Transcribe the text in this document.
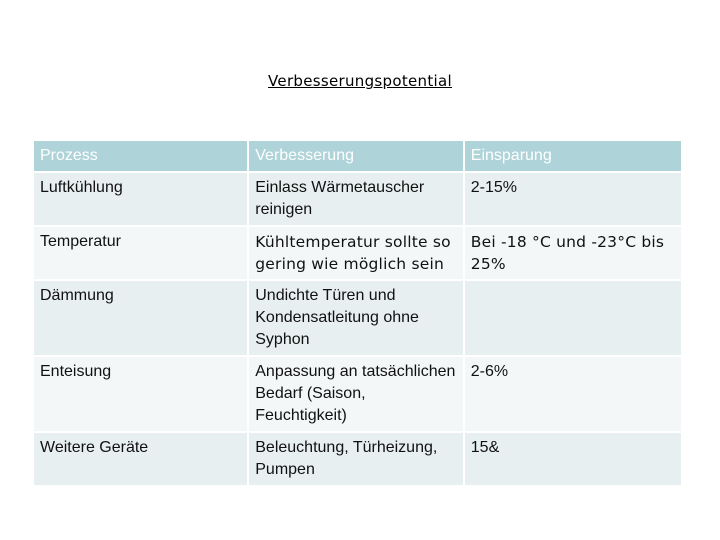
Verbesserungspotential
Prozess	Verbesserung	Einsparung
Luftkühlung	Einlass Wärmetauscher reinigen	2-15%
Temperatur	Kühltemperatur sollte so gering wie möglich sein	Bei -18 °C und -23°C bis 25%
Dämmung	Undichte Türen und Kondensatleitung ohne Syphon	
Enteisung	Anpassung an tatsächlichen Bedarf (Saison, Feuchtigkeit)	2-6%
Weitere Geräte	Beleuchtung, Türheizung, Pumpen	15&
